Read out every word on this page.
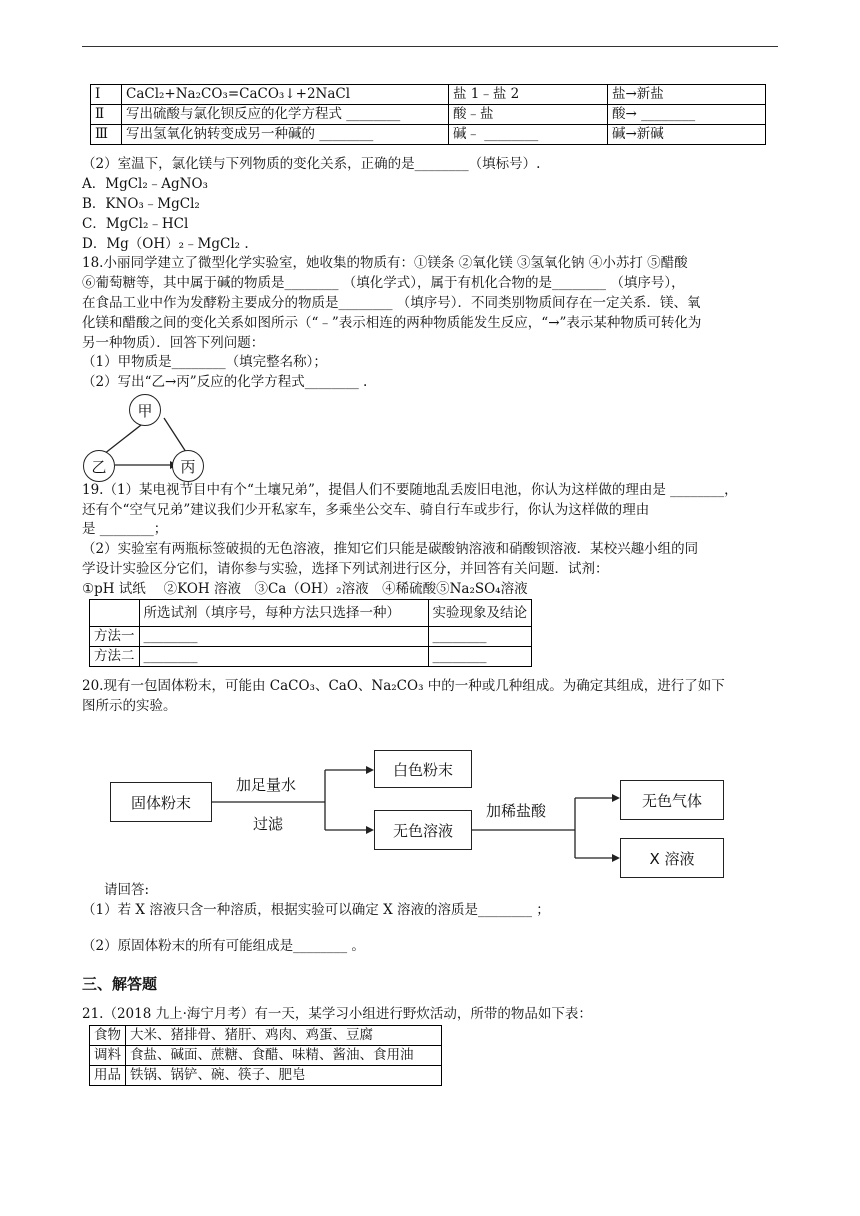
Ⅰ	CaCl₂+Na₂CO₃=CaCO₃↓+2NaCl	盐 1﹣盐 2	盐→新盐
Ⅱ	写出硫酸与氯化钡反应的化学方程式 ________	酸﹣盐	酸→ ________
Ⅲ	写出氢氧化钠转变成另一种碱的 ________	碱﹣ ________	碱→新碱
（2）室温下，氯化镁与下列物质的变化关系，正确的是________（填标号）.
A．MgCl₂﹣AgNO₃
B．KNO₃﹣MgCl₂
C．MgCl₂﹣HCl
D．Mg（OH）₂﹣MgCl₂ .
18.小丽同学建立了微型化学实验室，她收集的物质有：①镁条 ②氧化镁 ③氢氧化钠 ④小苏打 ⑤醋酸
⑥葡萄糖等，其中属于碱的物质是________ （填化学式），属于有机化合物的是________ （填序号），
在食品工业中作为发酵粉主要成分的物质是________ （填序号）．不同类别物质间存在一定关系．镁、氧
化镁和醋酸之间的变化关系如图所示（“﹣”表示相连的两种物质能发生反应，“→”表示某种物质可转化为
另一种物质）．回答下列问题：
（1）甲物质是________（填完整名称）；
（2）写出“乙→丙”反应的化学方程式________ .
甲
乙	丙
19.（1）某电视节目中有个“土壤兄弟”，提倡人们不要随地乱丢废旧电池，你认为这样做的理由是 ________，
还有个“空气兄弟”建议我们少开私家车，多乘坐公交车、骑自行车或步行，你认为这样做的理由
是 ________；
（2）实验室有两瓶标签破损的无色溶液，推知它们只能是碳酸钠溶液和硝酸钡溶液．某校兴趣小组的同
学设计实验区分它们，请你参与实验，选择下列试剂进行区分，并回答有关问题．试剂：
①pH 试纸　 ②KOH 溶液　③Ca（OH）₂溶液　④稀硫酸⑤Na₂SO₄溶液
	所选试剂（填序号，每种方法只选择一种）	实验现象及结论
方法一	________	________
方法二	________	________
20.现有一包固体粉末，可能由 CaCO₃、CaO、Na₂CO₃ 中的一种或几种组成。为确定其组成，进行了如下
图所示的实验。
固体粉末
加足量水
过滤
白色粉末
无色溶液
加稀盐酸
无色气体
X 溶液
请回答:
（1）若 X 溶液只含一种溶质，根据实验可以确定 X 溶液的溶质是________ ；
（2）原固体粉末的所有可能组成是________ 。
三、解答题
21.（2018 九上·海宁月考）有一天，某学习小组进行野炊活动，所带的物品如下表：
食物	大米、猪排骨、猪肝、鸡肉、鸡蛋、豆腐
调料	食盐、碱面、蔗糖、食醋、味精、酱油、食用油
用品	铁锅、锅铲、碗、筷子、肥皂
